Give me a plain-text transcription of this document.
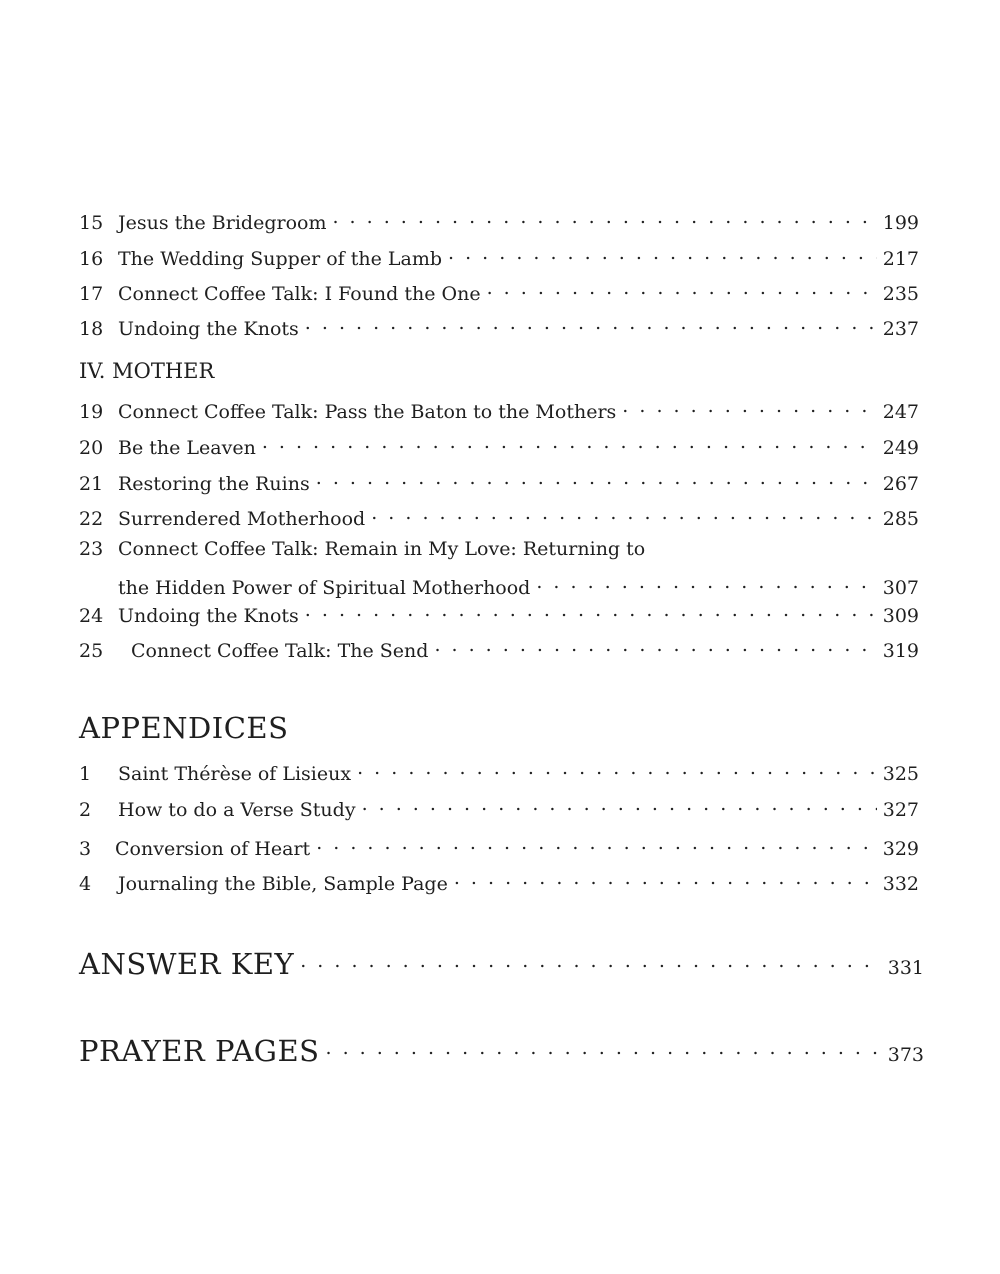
15 Jesus the Bridegroom . . .	199
16 The Wedding Supper of the Lamb . . .	217
17 Connect Coffee Talk: I Found the One . . .	235
18 Undoing the Knots . . .	237
IV. MOTHER
19 Connect Coffee Talk: Pass the Baton to the Mothers . . .	247
20 Be the Leaven . . .	249
21 Restoring the Ruins . . .	267
22 Surrendered Motherhood . . .	285
23 Connect Coffee Talk: Remain in My Love: Returning to
the Hidden Power of Spiritual Motherhood . . .	307
24 Undoing the Knots . . .	309
25	Connect Coffee Talk: The Send . . .	319
APPENDICES
1	Saint Thérèse of Lisieux . . .	325
2	How to do a Verse Study . . .	327
3	Conversion of Heart . . .	329
4	Journaling the Bible, Sample Page . . .	332
ANSWER KEY . . .	331
PRAYER PAGES . . .	373
